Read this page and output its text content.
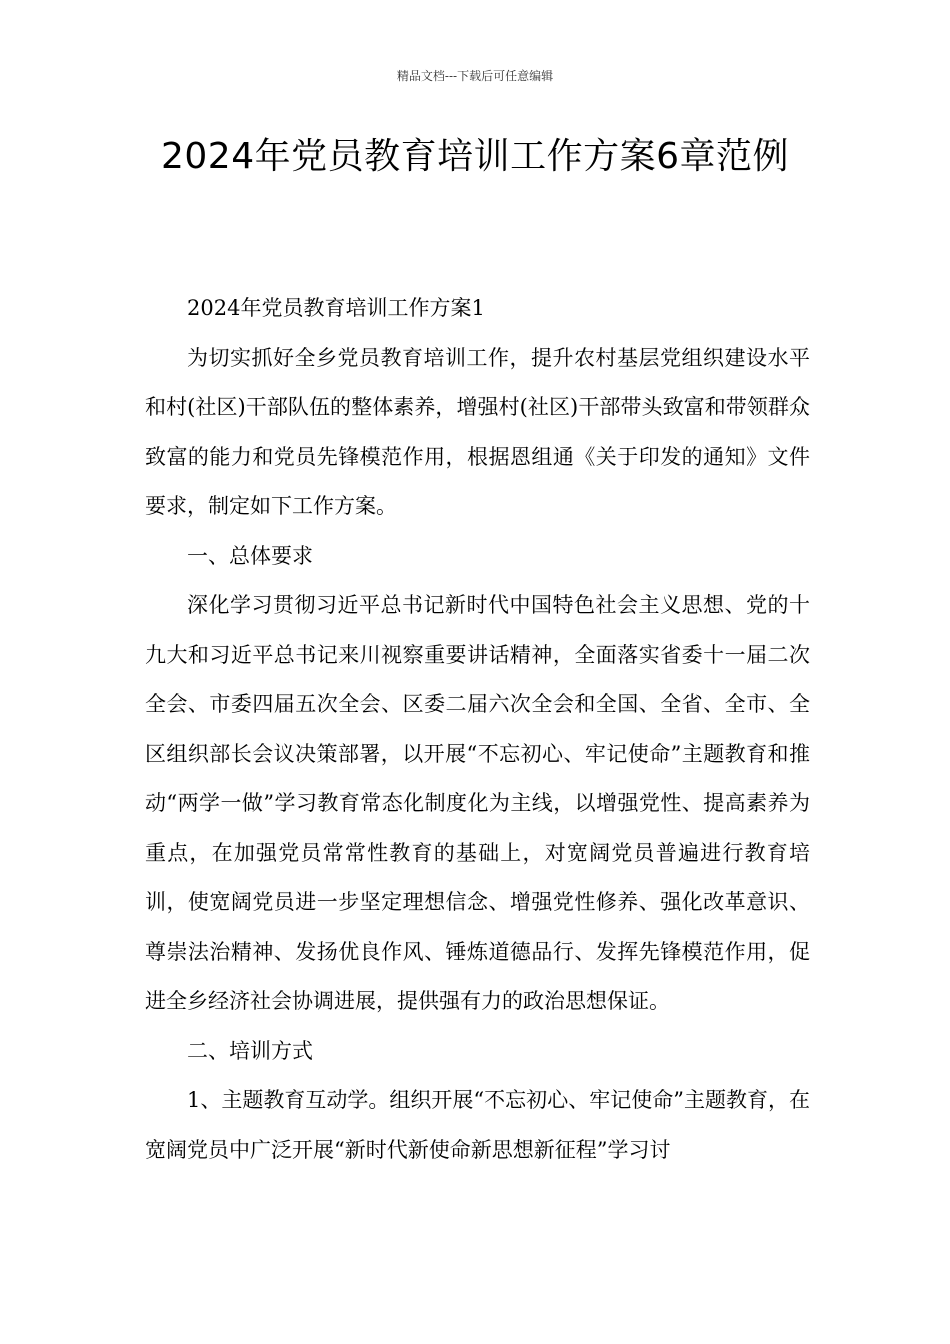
精品文档---下载后可任意编辑
2024年党员教育培训工作方案6章范例

2024年党员教育培训工作方案1

为切实抓好全乡党员教育培训工作，提升农村基层党组织建设水平和村(社区)干部队伍的整体素养，增强村(社区)干部带头致富和带领群众致富的能力和党员先锋模范作用，根据恩组通《关于印发的通知》文件要求，制定如下工作方案。

一、总体要求

深化学习贯彻习近平总书记新时代中国特色社会主义思想、党的十九大和习近平总书记来川视察重要讲话精神，全面落实省委十一届二次全会、市委四届五次全会、区委二届六次全会和全国、全省、全市、全区组织部长会议决策部署，以开展“不忘初心、牢记使命”主题教育和推动“两学一做”学习教育常态化制度化为主线，以增强党性、提高素养为重点，在加强党员常常性教育的基础上，对宽阔党员普遍进行教育培训，使宽阔党员进一步坚定理想信念、增强党性修养、强化改革意识、尊崇法治精神、发扬优良作风、锤炼道德品行、发挥先锋模范作用，促进全乡经济社会协调进展，提供强有力的政治思想保证。

二、培训方式

1、主题教育互动学。组织开展“不忘初心、牢记使命”主题教育，在宽阔党员中广泛开展“新时代新使命新思想新征程”学习讨
